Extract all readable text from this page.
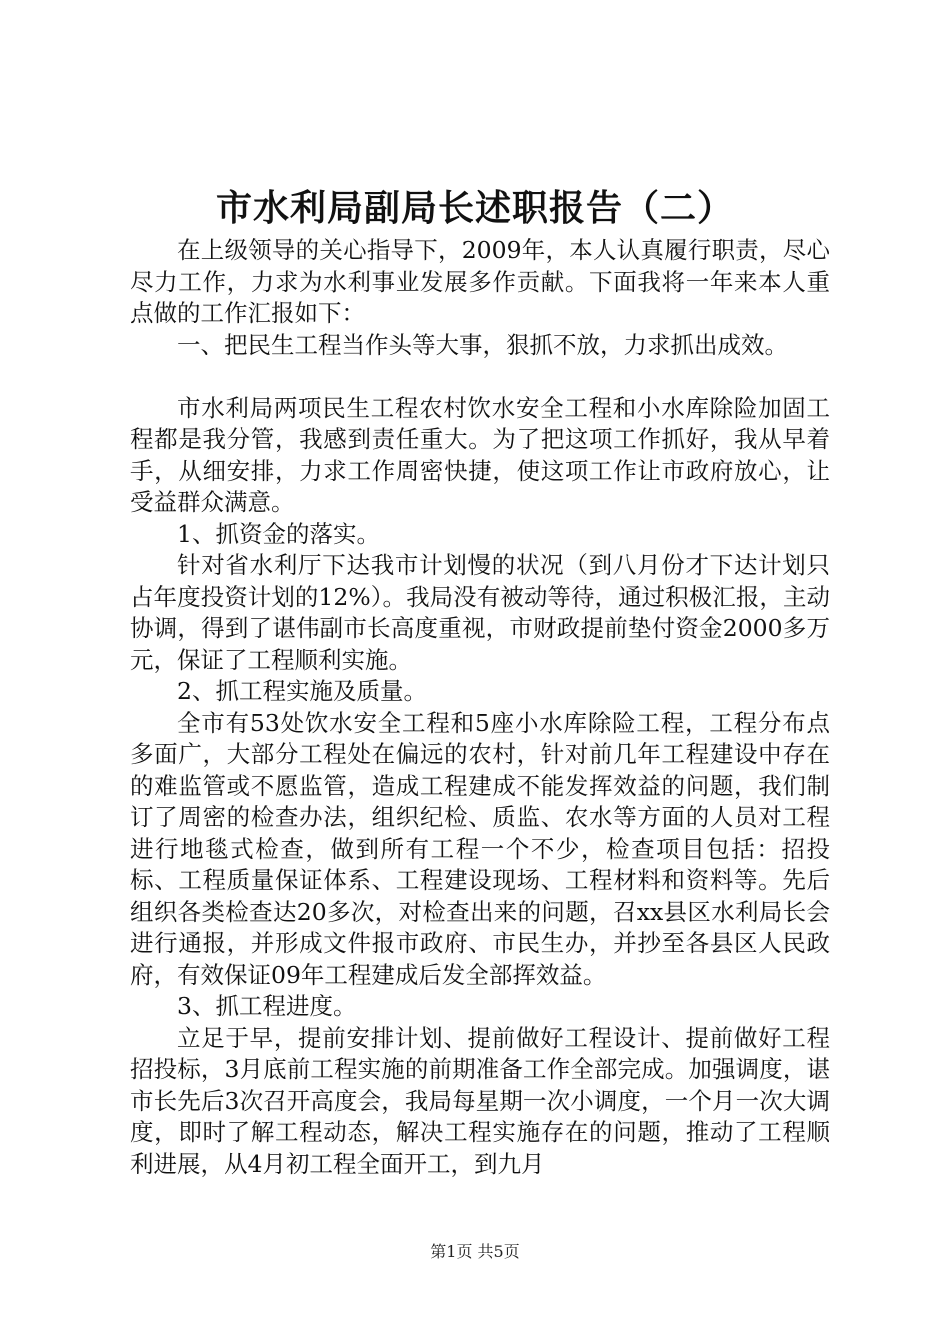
市水利局副局长述职报告（二）

在上级领导的关心指导下，2009年，本人认真履行职责，尽心尽力工作，力求为水利事业发展多作贡献。下面我将一年来本人重点做的工作汇报如下：

一、把民生工程当作头等大事，狠抓不放，力求抓出成效。

市水利局两项民生工程农村饮水安全工程和小水库除险加固工程都是我分管，我感到责任重大。为了把这项工作抓好，我从早着手，从细安排，力求工作周密快捷，使这项工作让市政府放心，让受益群众满意。

1、抓资金的落实。

针对省水利厅下达我市计划慢的状况（到八月份才下达计划只占年度投资计划的12%）。我局没有被动等待，通过积极汇报，主动协调，得到了谌伟副市长高度重视，市财政提前垫付资金2000多万元，保证了工程顺利实施。

2、抓工程实施及质量。

全市有53处饮水安全工程和5座小水库除险工程，工程分布点多面广，大部分工程处在偏远的农村，针对前几年工程建设中存在的难监管或不愿监管，造成工程建成不能发挥效益的问题，我们制订了周密的检查办法，组织纪检、质监、农水等方面的人员对工程进行地毯式检查，做到所有工程一个不少，检查项目包括：招投标、工程质量保证体系、工程建设现场、工程材料和资料等。先后组织各类检查达20多次，对检查出来的问题，召xx县区水利局长会进行通报，并形成文件报市政府、市民生办，并抄至各县区人民政府，有效保证09年工程建成后发全部挥效益。

3、抓工程进度。

立足于早，提前安排计划、提前做好工程设计、提前做好工程招投标，3月底前工程实施的前期准备工作全部完成。加强调度，谌市长先后3次召开高度会，我局每星期一次小调度，一个月一次大调度，即时了解工程动态，解决工程实施存在的问题，推动了工程顺利进展，从4月初工程全面开工，到九月

第1页 共5页
